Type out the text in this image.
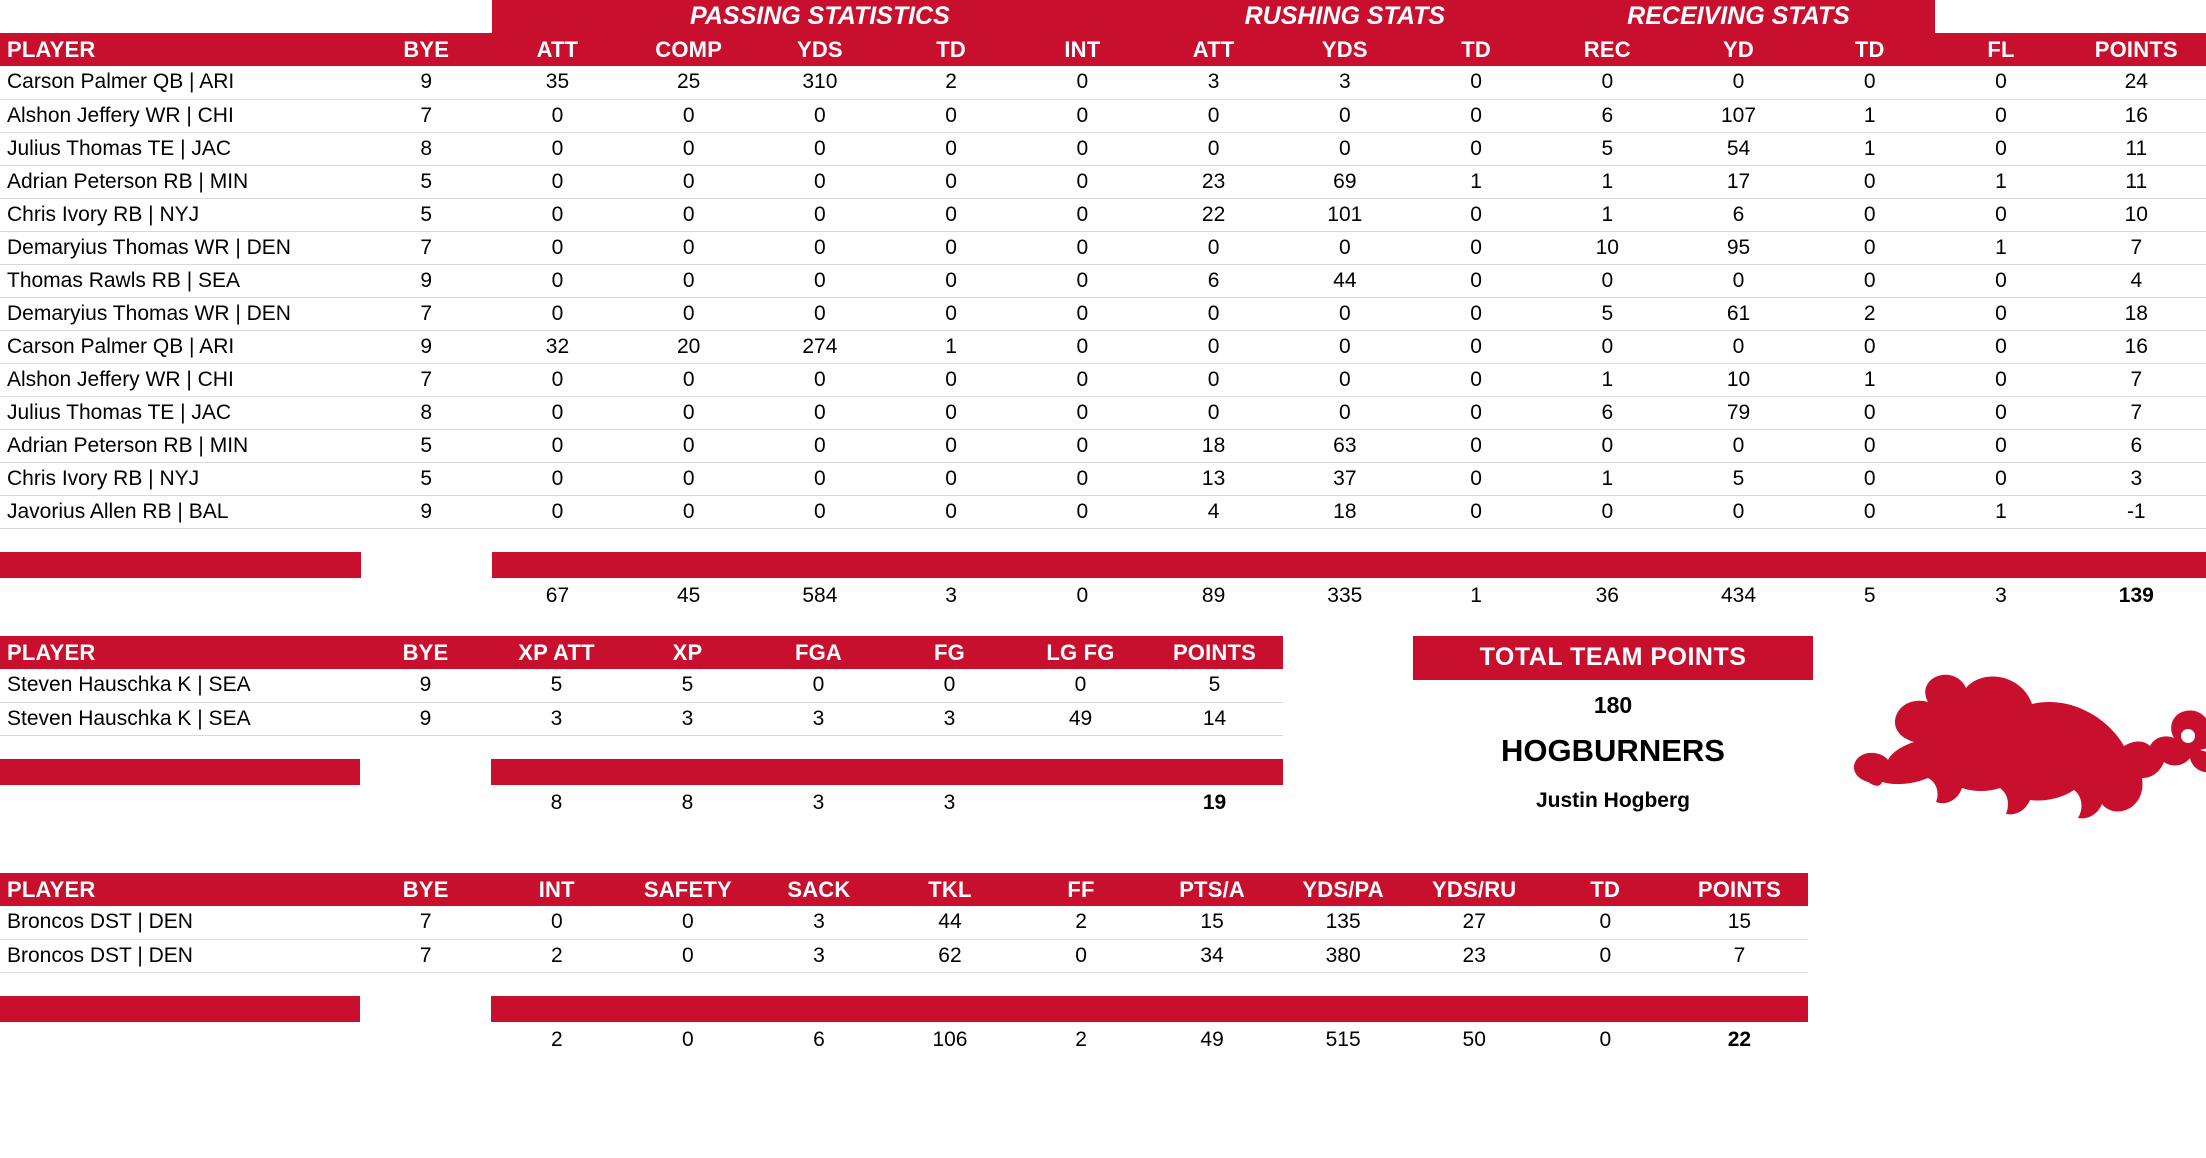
		PASSING STATISTICS					RUSHING STATS			RECEIVING STATS				
PLAYER	BYE	ATT	COMP	YDS	TD	INT	ATT	YDS	TD	REC	YD	TD	FL	POINTS
Carson Palmer QB | ARI	9	35	25	310	2	0	3	3	0	0	0	0	0	24
Alshon Jeffery WR | CHI	7	0	0	0	0	0	0	0	0	6	107	1	0	16
Julius Thomas TE | JAC	8	0	0	0	0	0	0	0	0	5	54	1	0	11
Adrian Peterson RB | MIN	5	0	0	0	0	0	23	69	1	1	17	0	1	11
Chris Ivory RB | NYJ	5	0	0	0	0	0	22	101	0	1	6	0	0	10
Demaryius Thomas WR | DEN	7	0	0	0	0	0	0	0	0	10	95	0	1	7
Thomas Rawls RB | SEA	9	0	0	0	0	0	6	44	0	0	0	0	0	4
Demaryius Thomas WR | DEN	7	0	0	0	0	0	0	0	0	5	61	2	0	18
Carson Palmer QB | ARI	9	32	20	274	1	0	0	0	0	0	0	0	0	16
Alshon Jeffery WR | CHI	7	0	0	0	0	0	0	0	0	1	10	1	0	7
Julius Thomas TE | JAC	8	0	0	0	0	0	0	0	0	6	79	0	0	7
Adrian Peterson RB | MIN	5	0	0	0	0	0	18	63	0	0	0	0	0	6
Chris Ivory RB | NYJ	5	0	0	0	0	0	13	37	0	1	5	0	0	3
Javorius Allen RB | BAL	9	0	0	0	0	0	4	18	0	0	0	0	1	-1

		67	45	584	3	0	89	335	1	36	434	5	3	139
PLAYER	BYE	XP ATT	XP	FGA	FG	LG FG	POINTS
Steven Hauschka K | SEA	9	5	5	0	0	0	5
Steven Hauschka K | SEA	9	3	3	3	3	49	14

		8	8	3	3		19
TOTAL TEAM POINTS
180
HOGBURNERS
Justin Hogberg
PLAYER	BYE	INT	SAFETY	SACK	TKL	FF	PTS/A	YDS/PA	YDS/RU	TD	POINTS
Broncos DST | DEN	7	0	0	3	44	2	15	135	27	0	15
Broncos DST | DEN	7	2	0	3	62	0	34	380	23	0	7

		2	0	6	106	2	49	515	50	0	22
